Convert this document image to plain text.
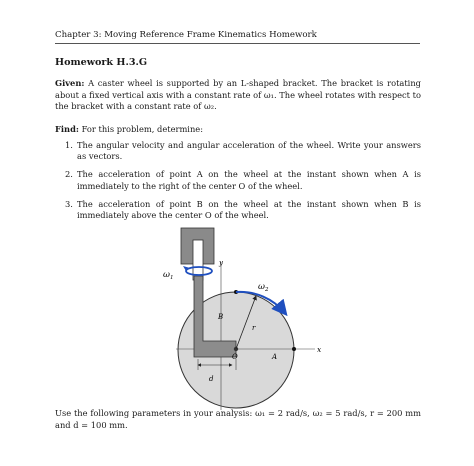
Chapter 3: Moving Reference Frame Kinematics Homework
Homework H.3.G
Given: A caster wheel is supported by an L-shaped bracket. The bracket is rotating about a fixed vertical axis with a constant rate of ω₁. The wheel rotates with respect to the bracket with a constant rate of ω₂.
Find: For this problem, determine:
1. The angular velocity and angular acceleration of the wheel. Write your answers as vectors.
2. The acceleration of point A on the wheel at the instant shown when A is immediately to the right of the center O of the wheel.
3. The acceleration of point B on the wheel at the instant shown when B is immediately above the center O of the wheel.
$\omega_1$
$\omega_2$
y
x
B
r
O	A
d
Use the following parameters in your analysis: ω₁ = 2 rad/s, ω₂ = 5 rad/s, r = 200 mm and d = 100 mm.
